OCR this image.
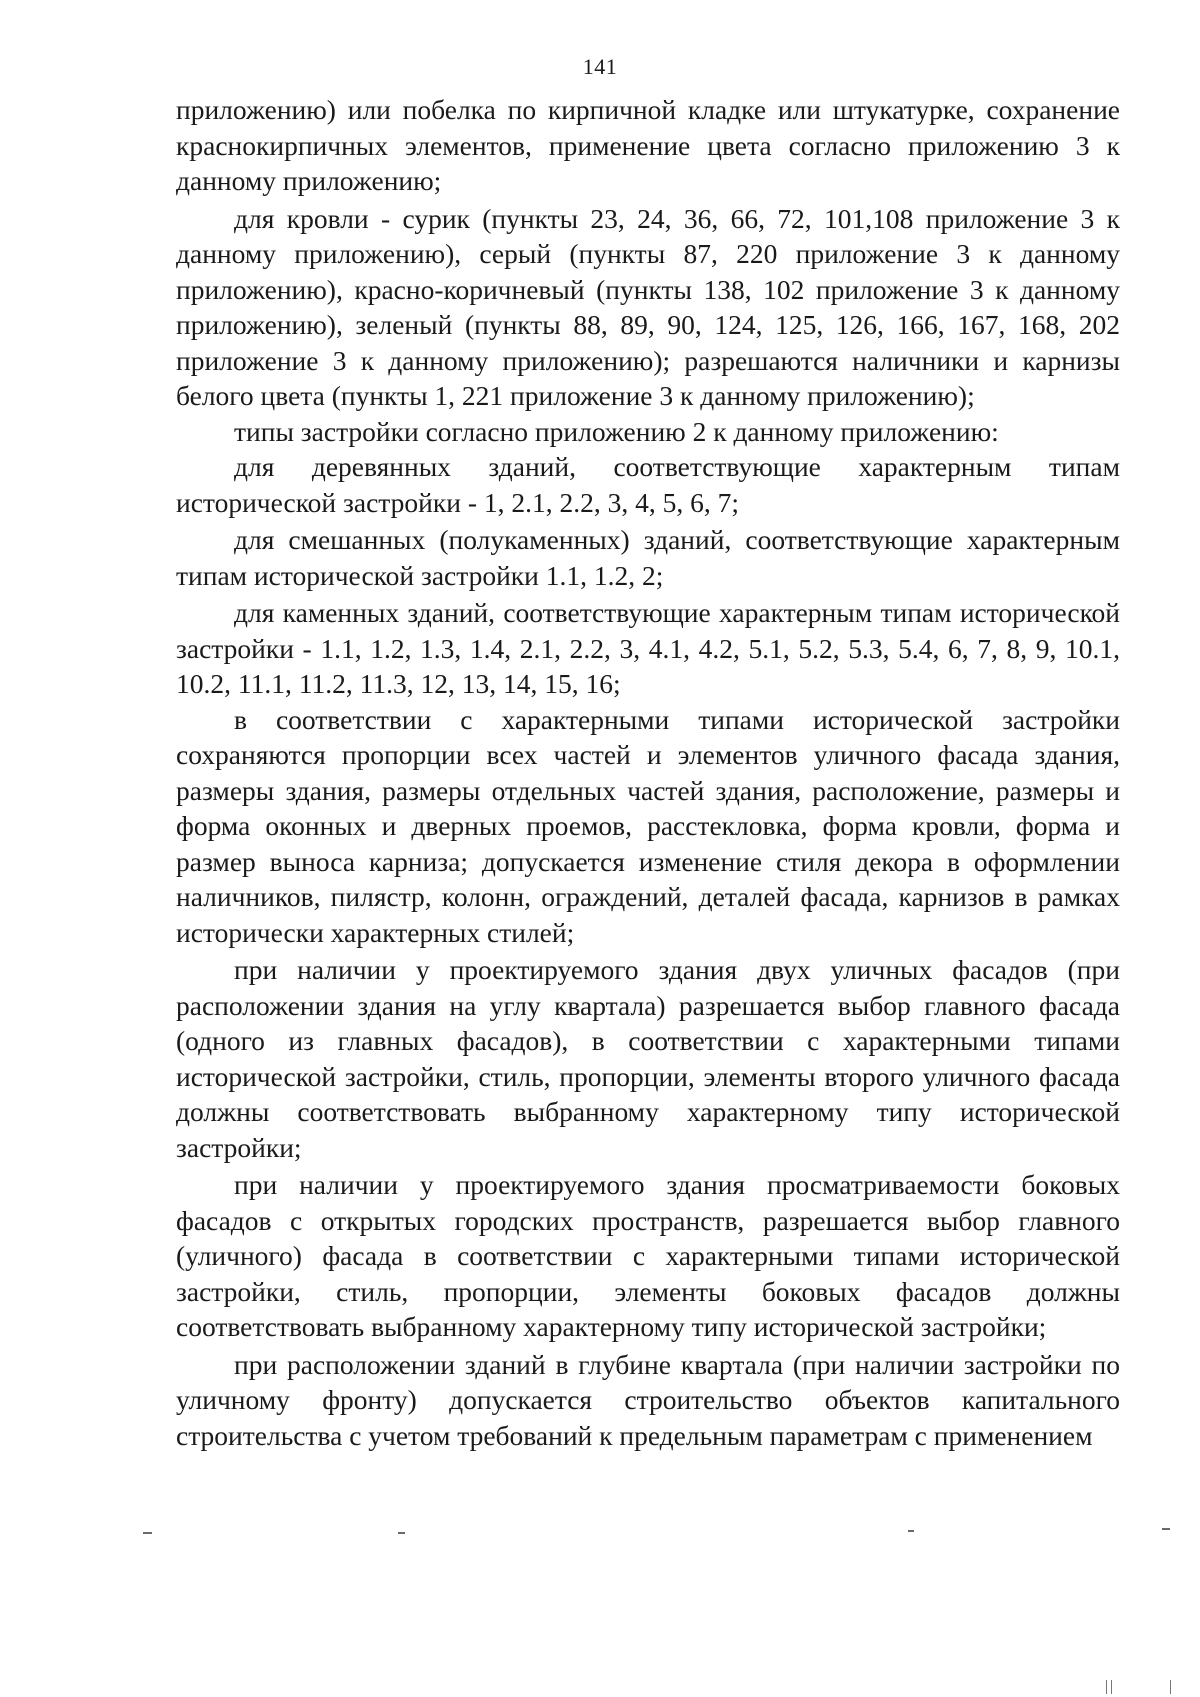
141

приложению) или побелка по кирпичной кладке или штукатурке, сохранение краснокирпичных элементов, применение цвета согласно приложению 3 к данному приложению;

для кровли - сурик (пункты 23, 24, 36, 66, 72, 101,108 приложение 3 к данному приложению), серый (пункты 87, 220 приложение 3 к данному приложению), красно-коричневый (пункты 138, 102 приложение 3 к данному приложению), зеленый (пункты 88, 89, 90, 124, 125, 126, 166, 167, 168, 202 приложение 3 к данному приложению); разрешаются наличники и карнизы белого цвета (пункты 1, 221 приложение 3 к данному приложению);

типы застройки согласно приложению 2 к данному приложению:

для деревянных зданий, соответствующие характерным типам исторической застройки - 1, 2.1, 2.2, 3, 4, 5, 6, 7;

для смешанных (полукаменных) зданий, соответствующие характерным типам исторической застройки 1.1, 1.2, 2;

для каменных зданий, соответствующие характерным типам исторической застройки - 1.1, 1.2, 1.3, 1.4, 2.1, 2.2, 3, 4.1, 4.2, 5.1, 5.2, 5.3, 5.4, 6, 7, 8, 9, 10.1, 10.2, 11.1, 11.2, 11.3, 12, 13, 14, 15, 16;

в соответствии с характерными типами исторической застройки сохраняются пропорции всех частей и элементов уличного фасада здания, размеры здания, размеры отдельных частей здания, расположение, размеры и форма оконных и дверных проемов, расстекловка, форма кровли, форма и размер выноса карниза; допускается изменение стиля декора в оформлении наличников, пилястр, колонн, ограждений, деталей фасада, карнизов в рамках исторически характерных стилей;

при наличии у проектируемого здания двух уличных фасадов (при расположении здания на углу квартала) разрешается выбор главного фасада (одного из главных фасадов), в соответствии с характерными типами исторической застройки, стиль, пропорции, элементы второго уличного фасада должны соответствовать выбранному характерному типу исторической застройки;

при наличии у проектируемого здания просматриваемости боковых фасадов с открытых городских пространств, разрешается выбор главного (уличного) фасада в соответствии с характерными типами исторической застройки, стиль, пропорции, элементы боковых фасадов должны соответствовать выбранному характерному типу исторической застройки;

при расположении зданий в глубине квартала (при наличии застройки по уличному фронту) допускается строительство объектов капитального строительства с учетом требований к предельным параметрам с применением
